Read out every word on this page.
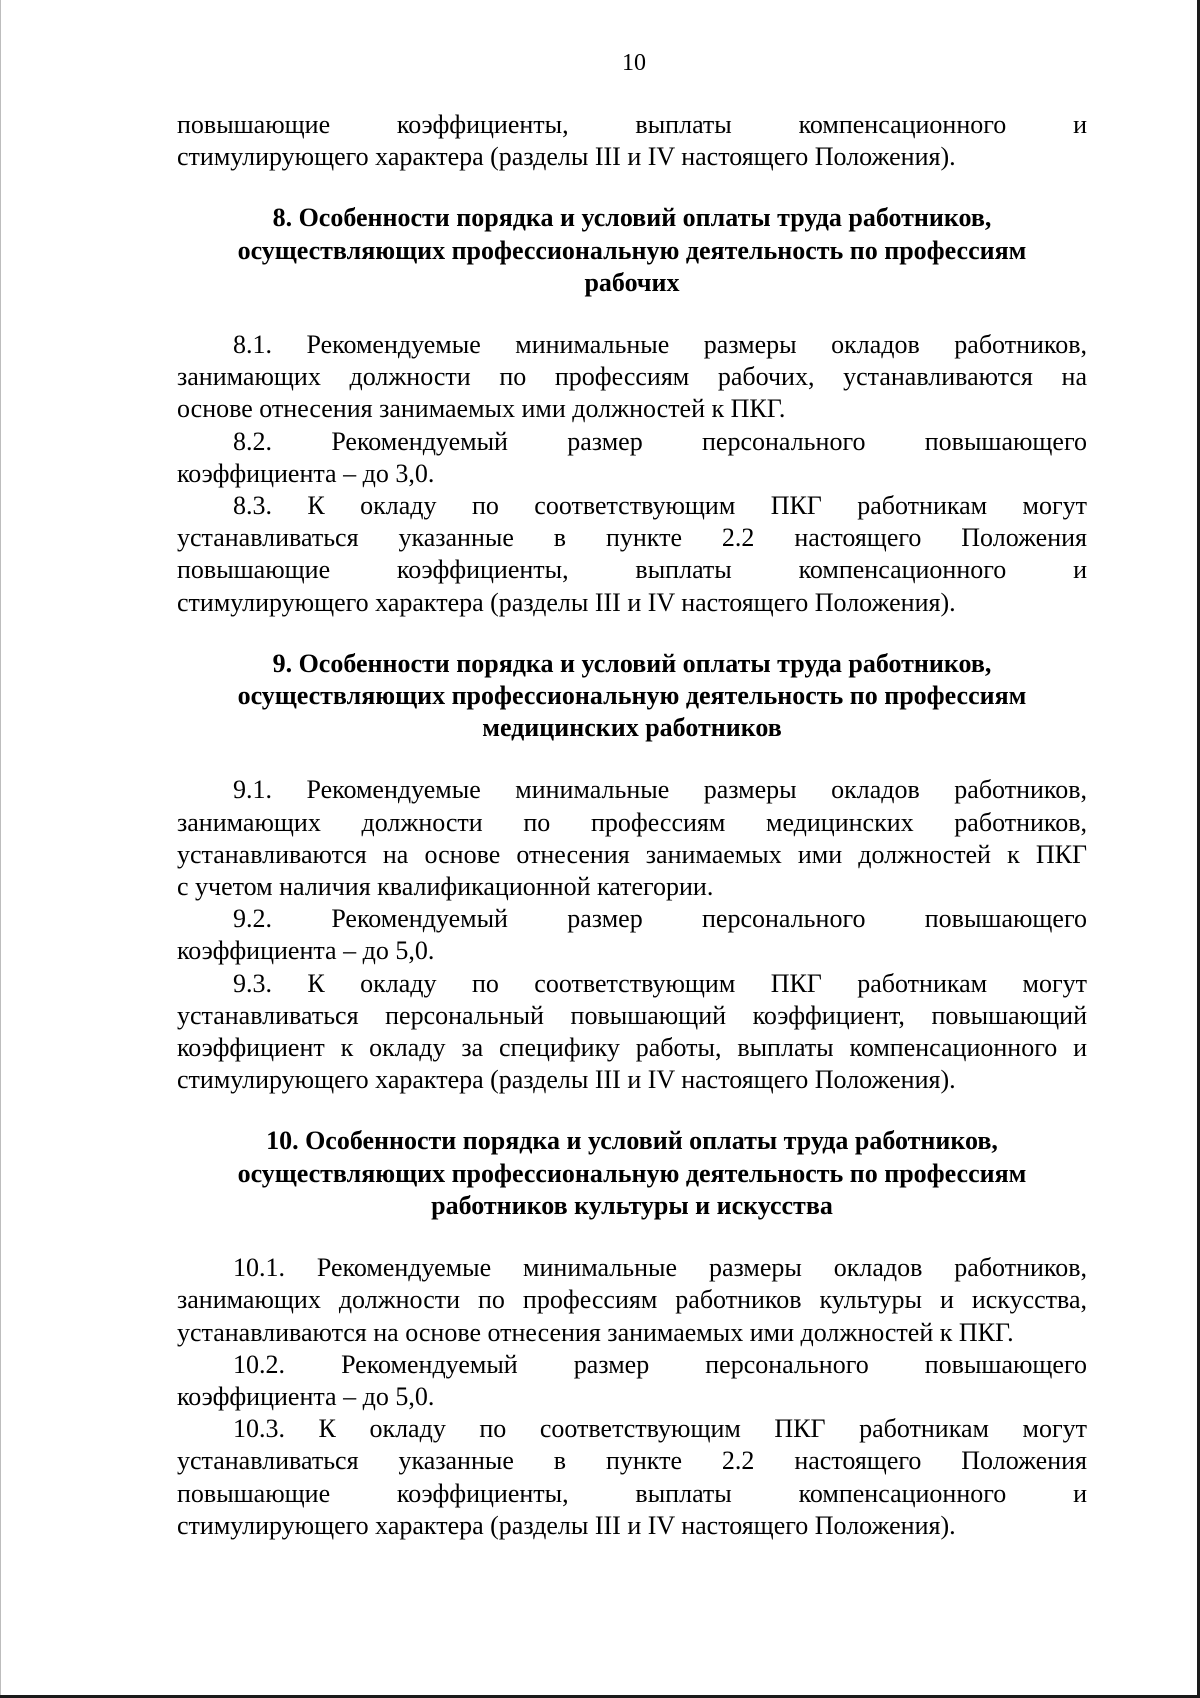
10

повышающие коэффициенты, выплаты компенсационного и

стимулирующего характера (разделы III и IV настоящего Положения).

8. Особенности порядка и условий оплаты труда работников,
осуществляющих профессиональную деятельность по профессиям
рабочих

8.1. Рекомендуемые минимальные размеры окладов работников,

занимающих должности по профессиям рабочих, устанавливаются на

основе отнесения занимаемых ими должностей к ПКГ.

8.2. Рекомендуемый размер персонального повышающего

коэффициента – до 3,0.

8.3. К окладу по соответствующим ПКГ работникам могут

устанавливаться указанные в пункте 2.2 настоящего Положения

повышающие коэффициенты, выплаты компенсационного и

стимулирующего характера (разделы III и IV настоящего Положения).

9. Особенности порядка и условий оплаты труда работников,
осуществляющих профессиональную деятельность по профессиям
медицинских работников

9.1. Рекомендуемые минимальные размеры окладов работников,

занимающих должности по профессиям медицинских работников,

устанавливаются на основе отнесения занимаемых ими должностей к ПКГ

с учетом наличия квалификационной категории.

9.2. Рекомендуемый размер персонального повышающего

коэффициента – до 5,0.

9.3. К окладу по соответствующим ПКГ работникам могут

устанавливаться персональный повышающий коэффициент, повышающий

коэффициент к окладу за специфику работы, выплаты компенсационного и

стимулирующего характера (разделы III и IV настоящего Положения).

10. Особенности порядка и условий оплаты труда работников,
осуществляющих профессиональную деятельность по профессиям
работников культуры и искусства

10.1. Рекомендуемые минимальные размеры окладов работников,

занимающих должности по профессиям работников культуры и искусства,

устанавливаются на основе отнесения занимаемых ими должностей к ПКГ.

10.2. Рекомендуемый размер персонального повышающего

коэффициента – до 5,0.

10.3. К окладу по соответствующим ПКГ работникам могут

устанавливаться указанные в пункте 2.2 настоящего Положения

повышающие коэффициенты, выплаты компенсационного и

стимулирующего характера (разделы III и IV настоящего Положения).
